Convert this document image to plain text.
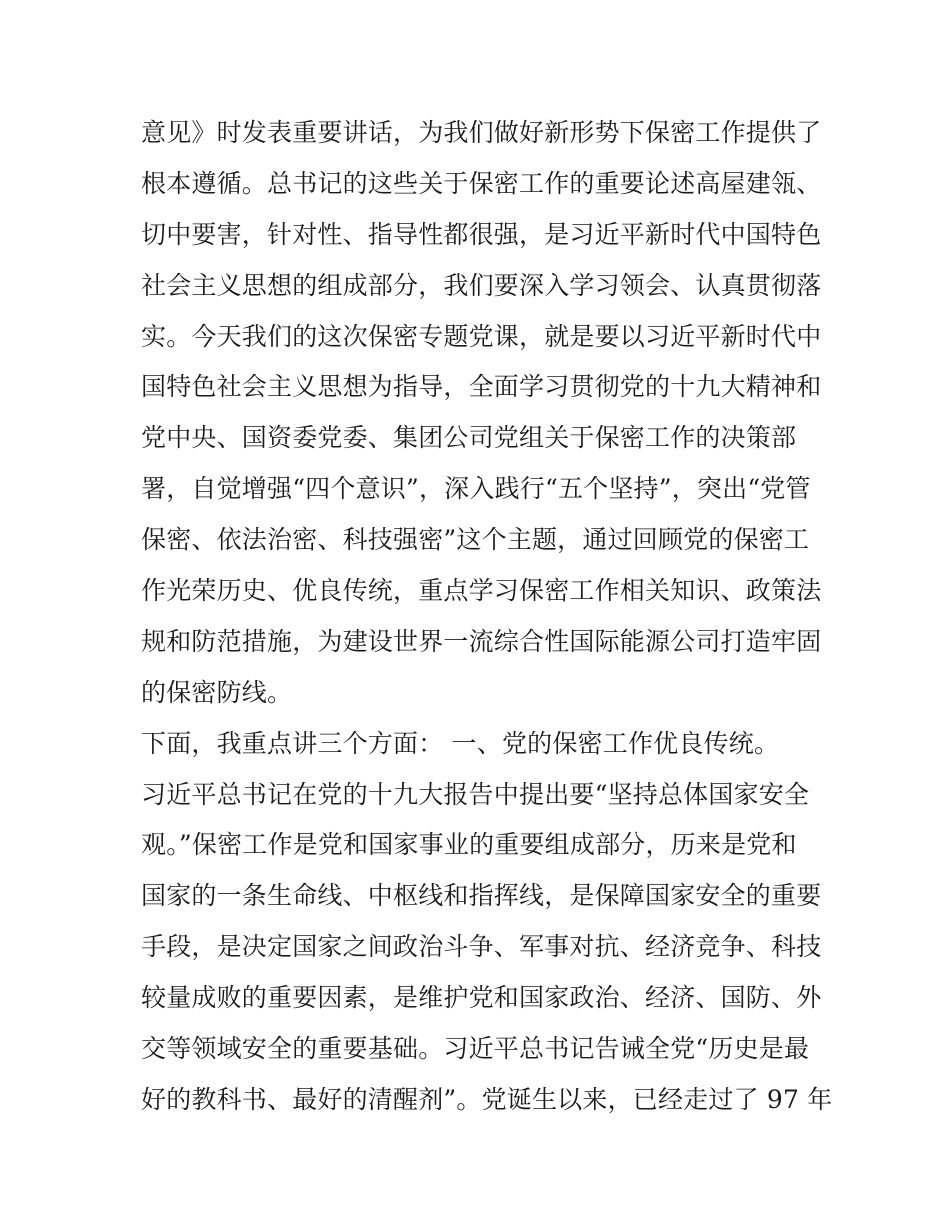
意见》时发表重要讲话，为我们做好新形势下保密工作提供了
根本遵循。总书记的这些关于保密工作的重要论述高屋建瓴、
切中要害，针对性、指导性都很强，是习近平新时代中国特色
社会主义思想的组成部分，我们要深入学习领会、认真贯彻落
实。今天我们的这次保密专题党课，就是要以习近平新时代中
国特色社会主义思想为指导，全面学习贯彻党的十九大精神和
党中央、国资委党委、集团公司党组关于保密工作的决策部
署，自觉增强“四个意识”，深入践行“五个坚持”，突出“党管
保密、依法治密、科技强密”这个主题，通过回顾党的保密工
作光荣历史、优良传统，重点学习保密工作相关知识、政策法
规和防范措施，为建设世界一流综合性国际能源公司打造牢固
的保密防线。
下面，我重点讲三个方面： 一、党的保密工作优良传统。
习近平总书记在党的十九大报告中提出要“坚持总体国家安全
观。”保密工作是党和国家事业的重要组成部分，历来是党和
国家的一条生命线、中枢线和指挥线，是保障国家安全的重要
手段，是决定国家之间政治斗争、军事对抗、经济竞争、科技
较量成败的重要因素，是维护党和国家政治、经济、国防、外
交等领域安全的重要基础。习近平总书记告诫全党“历史是最
好的教科书、最好的清醒剂”。党诞生以来，已经走过了 97 年
